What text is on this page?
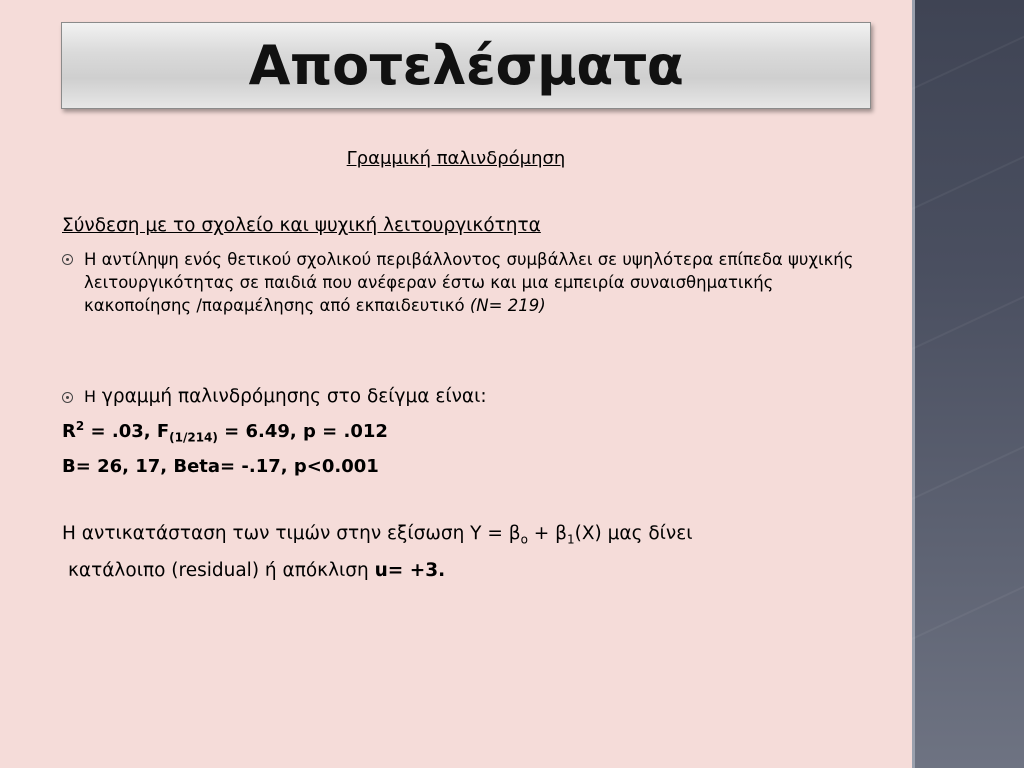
Αποτελέσματα
Γραμμική παλινδρόμηση
Σύνδεση με το σχολείο και ψυχική λειτουργικότητα
Η αντίληψη ενός θετικού σχολικού περιβάλλοντος συμβάλλει σε υψηλότερα επίπεδα ψυχικής λειτουργικότητας σε παιδιά που ανέφεραν έστω και μια εμπειρία συναισθηματικής κακοποίησης /παραμέλησης από εκπαιδευτικό (N= 219)
Η γραμμή παλινδρόμησης στο δείγμα είναι:
$R^2 = .03$, $F_{(1/214)} = 6.49$, p = .012
B= 26, 17, Beta= -.17, p<0.001
Η αντικατάσταση των τιμών στην εξίσωση $\Upsilon = \beta_o + \beta_1(X)$ μας δίνει
κατάλοιπο (residual) ή απόκλιση u= +3.
